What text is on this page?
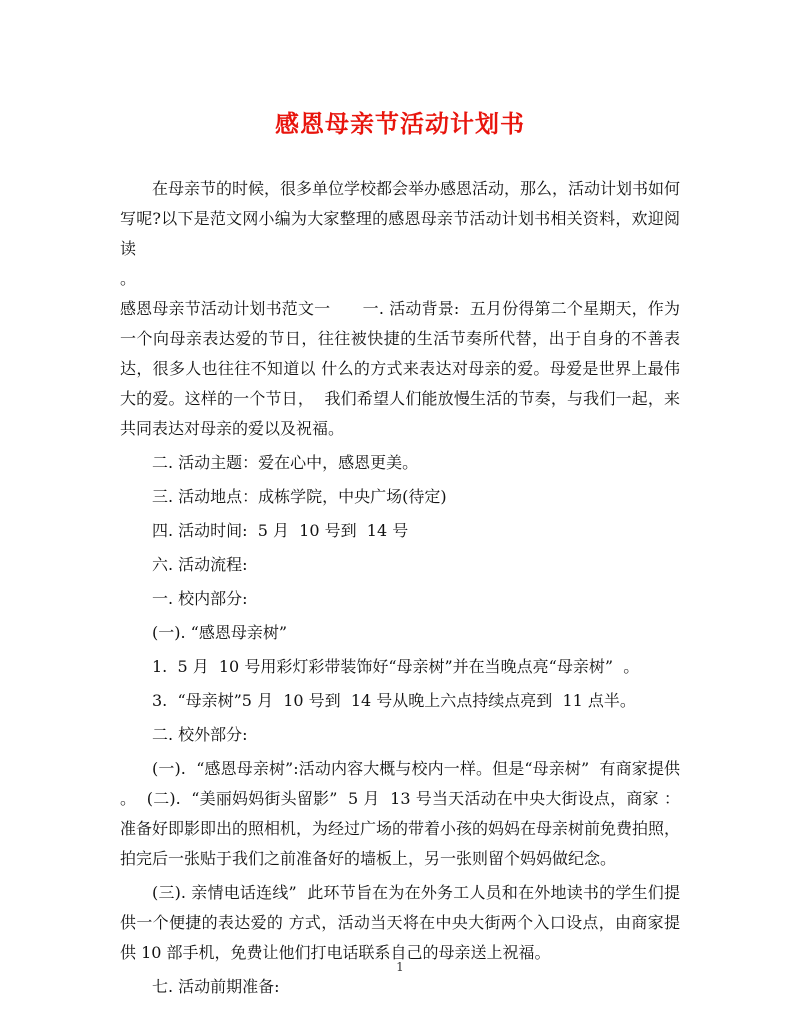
感恩母亲节活动计划书

在母亲节的时候，很多单位学校都会举办感恩活动，那么，活动计划书如何
写呢?以下是范文网小编为大家整理的感恩母亲节活动计划书相关资料，欢迎阅读
。

感恩母亲节活动计划书范文一　　一. 活动背景:  五月份得第二个星期天，作为一个向母亲表达爱的节日，往往被快捷的生活节奏所代替，出于自身的不善表达，很多人也往往不知道以 什么的方式来表达对母亲的爱。母爱是世界上最伟大的爱。这样的一个节日，  我们希望人们能放慢生活的节奏，与我们一起，来共同表达对母亲的爱以及祝福。

二. 活动主题：爱在心中，感恩更美。

三. 活动地点：成栋学院，中央广场(待定)

四. 活动时间:  5 月  10 号到  14 号

六. 活动流程:

一. 校内部分:

(一). “感恩母亲树”

1.  5 月  10 号用彩灯彩带装饰好“母亲树”并在当晚点亮“母亲树”  。

3.  “母亲树”5 月  10 号到  14 号从晚上六点持续点亮到  11 点半。

二. 校外部分:

(一).  “感恩母亲树”:活动内容大概与校内一样。但是“母亲树”  有商家提供 。  (二).  “美丽妈妈街头留影”  5 月  13 号当天活动在中央大街设点，商家 ：  准备好即影即出的照相机，为经过广场的带着小孩的妈妈在母亲树前免费拍照，  拍完后一张贴于我们之前准备好的墙板上，另一张则留个妈妈做纪念。

(三). 亲情电话连线”  此环节旨在为在外务工人员和在外地读书的学生们提供一个便捷的表达爱的 方式，活动当天将在中央大街两个入口设点，由商家提供 10 部手机，免费让他们打电话联系自己的母亲送上祝福。

七. 活动前期准备:

1
